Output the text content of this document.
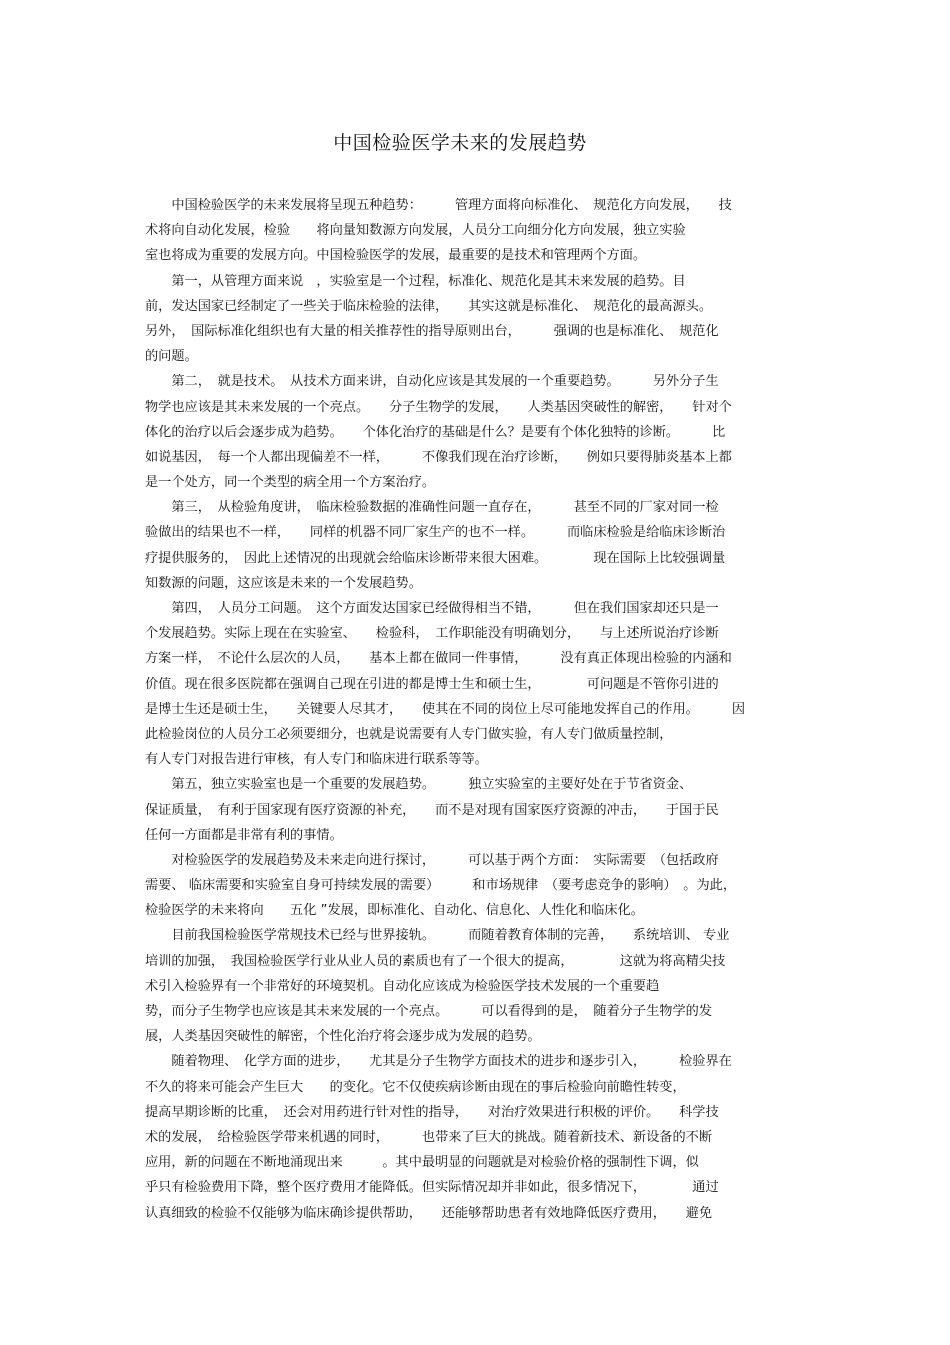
中国检验医学未来的发展趋势
　　中国检验医学的未来发展将呈现五种趋势：　　　管理方面将向标准化、　规范化方向发展，　　技
术将向自动化发展，检验　　将向量知数源方向发展，人员分工向细分化方向发展，独立实验
室也将成为重要的发展方向。中国检验医学的发展，最重要的是技术和管理两个方面。
　　第一，从管理方面来说　，实验室是一个过程，标准化、规范化是其未来发展的趋势。目
前，发达国家已经制定了一些关于临床检验的法律，　　其实这就是标准化、　规范化的最高源头。
另外，　国际标准化组织也有大量的相关推荐性的指导原则出台，　　　强调的也是标准化、　规范化
的问题。
　　第二，　就是技术。　从技术方面来讲，自动化应该是其发展的一个重要趋势。　　　另外分子生
物学也应该是其未来发展的一个亮点。　　分子生物学的发展，　　人类基因突破性的解密，　　针对个
体化的治疗以后会逐步成为趋势。　　个体化治疗的基础是什么？是要有个体化独特的诊断。　　　比
如说基因，　每一个人都出现偏差不一样，　　　不像我们现在治疗诊断，　　例如只要得肺炎基本上都
是一个处方，同一个类型的病全用一个方案治疗。
　　第三，　从检验角度讲，　临床检验数据的准确性问题一直存在，　　　甚至不同的厂家对同一检
验做出的结果也不一样，　　同样的机器不同厂家生产的也不一样。　　　而临床检验是给临床诊断治
疗提供服务的，　因此上述情况的出现就会给临床诊断带来很大困难。　　　　现在国际上比较强调量
知数源的问题，这应该是未来的一个发展趋势。
　　第四，　人员分工问题。　这个方面发达国家已经做得相当不错，　　　但在我们国家却还只是一
个发展趋势。实际上现在在实验室、　　检验科，　工作职能没有明确划分，　　与上述所说治疗诊断
方案一样，　不论什么层次的人员，　　基本上都在做同一件事情，　　　没有真正体现出检验的内涵和
价值。现在很多医院都在强调自己现在引进的都是博士生和硕士生，　　　　可问题是不管你引进的
是博士生还是硕士生，　　关键要人尽其才，　　使其在不同的岗位上尽可能地发挥自己的作用。　　　因
此检验岗位的人员分工必须要细分，也就是说需要有人专门做实验，有人专门做质量控制，
有人专门对报告进行审核，有人专门和临床进行联系等等。
　　第五，独立实验室也是一个重要的发展趋势。　　　独立实验室的主要好处在于节省资金、
保证质量，　有利于国家现有医疗资源的补充，　　而不是对现有国家医疗资源的冲击，　　于国于民
任何一方面都是非常有利的事情。
　　对检验医学的发展趋势及未来走向进行探讨，　　　可以基于两个方面：　实际需要　（包括政府
需要、 临床需要和实验室自身可持续发展的需要）　　　和市场规律　（要考虑竞争的影响）　。为此，
检验医学的未来将向　　五化 ”发展，即标准化、自动化、信息化、人性化和临床化。
　　目前我国检验医学常规技术已经与世界接轨。　　　而随着教育体制的完善，　　系统培训、 专业
培训的加强，　我国检验医学行业从业人员的素质也有了一个很大的提高，　　　　这就为将高精尖技
术引入检验界有一个非常好的环境契机。自动化应该成为检验医学技术发展的一个重要趋
势，而分子生物学也应该是其未来发展的一个亮点。　　　可以看得到的是，　随着分子生物学的发
展，人类基因突破性的解密，个性化治疗将会逐步成为发展的趋势。
　　随着物理、　化学方面的进步，　　尤其是分子生物学方面技术的进步和逐步引入，　　　检验界在
不久的将来可能会产生巨大　　的变化。它不仅使疾病诊断由现在的事后检验向前瞻性转变，
提高早期诊断的比重，　还会对用药进行针对性的指导，　　对治疗效果进行积极的评价。　　科学技
术的发展，　给检验医学带来机遇的同时，　　　也带来了巨大的挑战。随着新技术、新设备的不断
应用，新的问题在不断地涌现出来　　　。其中最明显的问题就是对检验价格的强制性下调，似
乎只有检验费用下降，整个医疗费用才能降低。但实际情况却并非如此，很多情况下，　　　　通过
认真细致的检验不仅能够为临床确诊提供帮助，　　还能够帮助患者有效地降低医疗费用，　　避免
